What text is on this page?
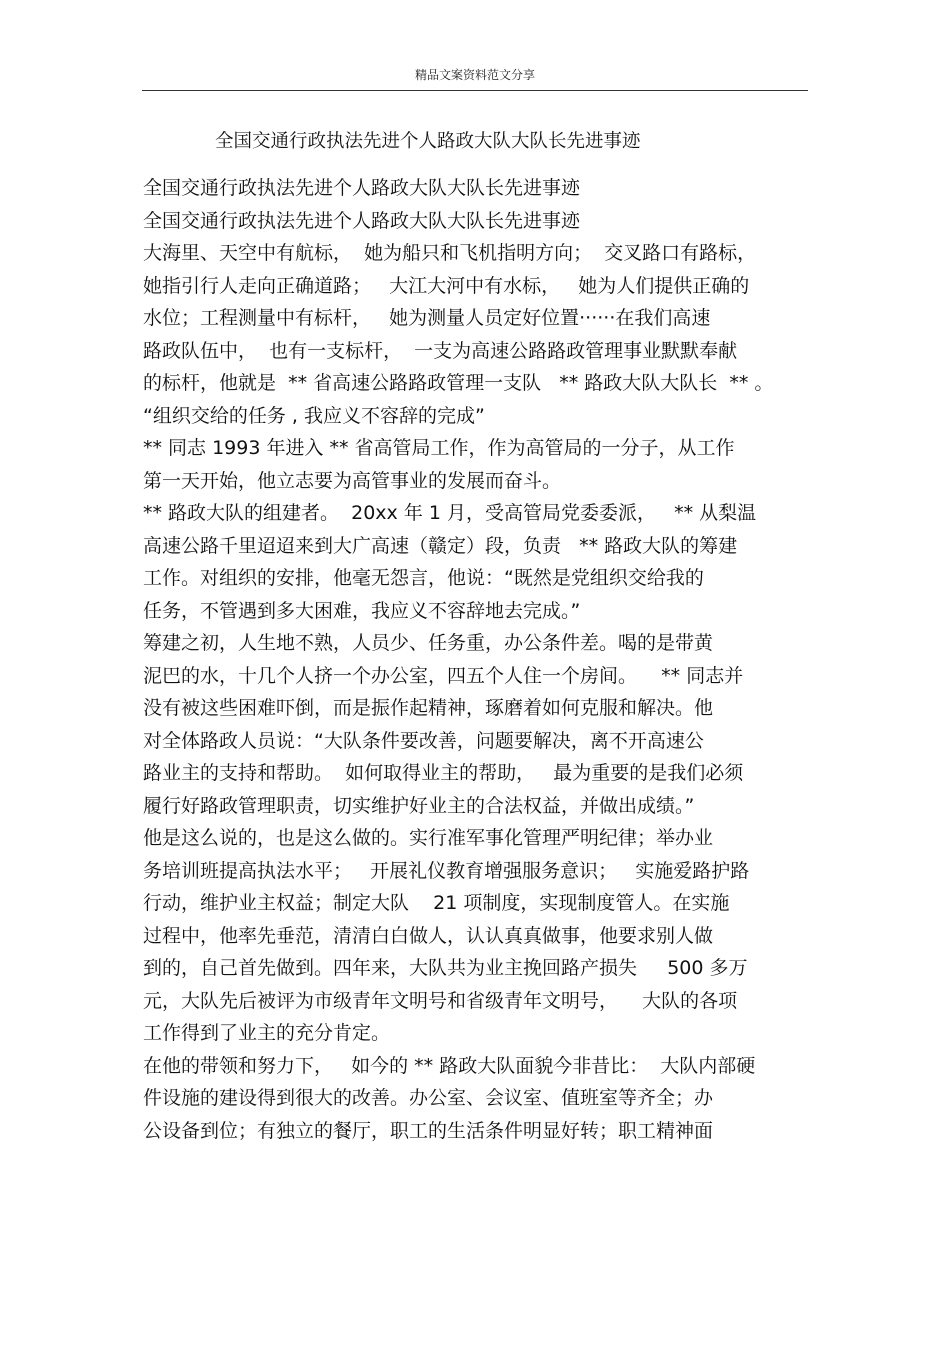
精品文案资料范文分享
全国交通行政执法先进个人路政大队大队长先进事迹
全国交通行政执法先进个人路政大队大队长先进事迹
全国交通行政执法先进个人路政大队大队长先进事迹
大海里、天空中有航标，  她为船只和飞机指明方向；  交叉路口有路标，
她指引行人走向正确道路；   大江大河中有水标，   她为人们提供正确的
水位；工程测量中有标杆，   她为测量人员定好位置······在我们高速
路政队伍中，  也有一支标杆，  一支为高速公路路政管理事业默默奉献
的标杆，他就是  ** 省高速公路路政管理一支队   ** 路政大队大队长  ** 。
“组织交给的任务 , 我应义不容辞的完成”
** 同志 1993 年进入 ** 省高管局工作，作为高管局的一分子，从工作
第一天开始，他立志要为高管事业的发展而奋斗。
** 路政大队的组建者。  20xx 年 1 月，受高管局党委委派，   ** 从梨温
高速公路千里迢迢来到大广高速（赣定）段，负责   ** 路政大队的筹建
工作。对组织的安排，他毫无怨言，他说：“既然是党组织交给我的
任务，不管遇到多大困难，我应义不容辞地去完成。”
筹建之初，人生地不熟，人员少、任务重，办公条件差。喝的是带黄
泥巴的水，十几个人挤一个办公室，四五个人住一个房间。    ** 同志并
没有被这些困难吓倒，而是振作起精神，琢磨着如何克服和解决。他
对全体路政人员说：“大队条件要改善，问题要解决，离不开高速公
路业主的支持和帮助。  如何取得业主的帮助，   最为重要的是我们必须
履行好路政管理职责，切实维护好业主的合法权益，并做出成绩。”
他是这么说的，也是这么做的。实行准军事化管理严明纪律；举办业
务培训班提高执法水平；   开展礼仪教育增强服务意识；   实施爱路护路
行动，维护业主权益；制定大队    21 项制度，实现制度管人。在实施
过程中，他率先垂范，清清白白做人，认认真真做事，他要求别人做
到的，自己首先做到。四年来，大队共为业主挽回路产损失     500 多万
元，大队先后被评为市级青年文明号和省级青年文明号，    大队的各项
工作得到了业主的充分肯定。
在他的带领和努力下，   如今的 ** 路政大队面貌今非昔比：  大队内部硬
件设施的建设得到很大的改善。办公室、会议室、值班室等齐全；办
公设备到位；有独立的餐厅，职工的生活条件明显好转；职工精神面
